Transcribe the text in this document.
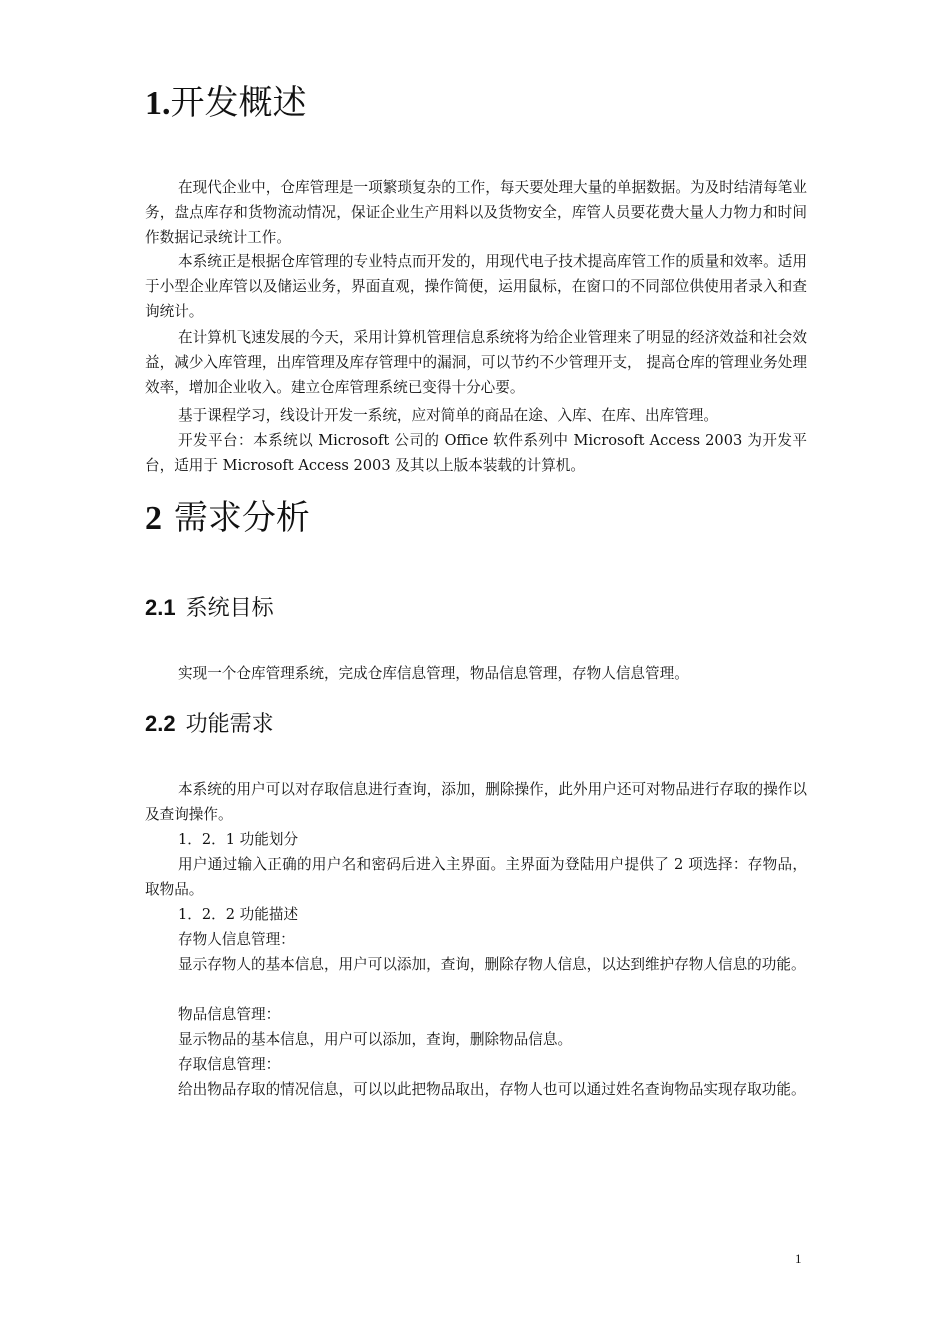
1.开发概述

在现代企业中，仓库管理是一项繁琐复杂的工作，每天要处理大量的单据数据。为及时结清每笔业务，盘点库存和货物流动情况，保证企业生产用料以及货物安全，库管人员要花费大量人力物力和时间作数据记录统计工作。

本系统正是根据仓库管理的专业特点而开发的，用现代电子技术提高库管工作的质量和效率。适用于小型企业库管以及储运业务，界面直观，操作简便，运用鼠标，在窗口的不同部位供使用者录入和查询统计。

在计算机飞速发展的今天，采用计算机管理信息系统将为给企业管理来了明显的经济效益和社会效益，减少入库管理，出库管理及库存管理中的漏洞，可以节约不少管理开支， 提高仓库的管理业务处理效率，增加企业收入。建立仓库管理系统已变得十分心要。

基于课程学习，线设计开发一系统，应对简单的商品在途、入库、在库、出库管理。

开发平台：本系统以 Microsoft 公司的 Office 软件系列中 Microsoft Access 2003 为开发平台，适用于 Microsoft Access 2003 及其以上版本装载的计算机。

2 需求分析
2.1 系统目标

实现一个仓库管理系统，完成仓库信息管理，物品信息管理，存物人信息管理。

2.2 功能需求

本系统的用户可以对存取信息进行查询，添加，删除操作，此外用户还可对物品进行存取的操作以及查询操作。

1．2．1 功能划分

用户通过输入正确的用户名和密码后进入主界面。主界面为登陆用户提供了 2 项选择：存物品，取物品。

1．2．2 功能描述

存物人信息管理：

显示存物人的基本信息，用户可以添加，查询，删除存物人信息，以达到维护存物人信息的功能。

物品信息管理：

显示物品的基本信息，用户可以添加，查询，删除物品信息。

存取信息管理：

给出物品存取的情况信息，可以以此把物品取出，存物人也可以通过姓名查询物品实现存取功能。

1
